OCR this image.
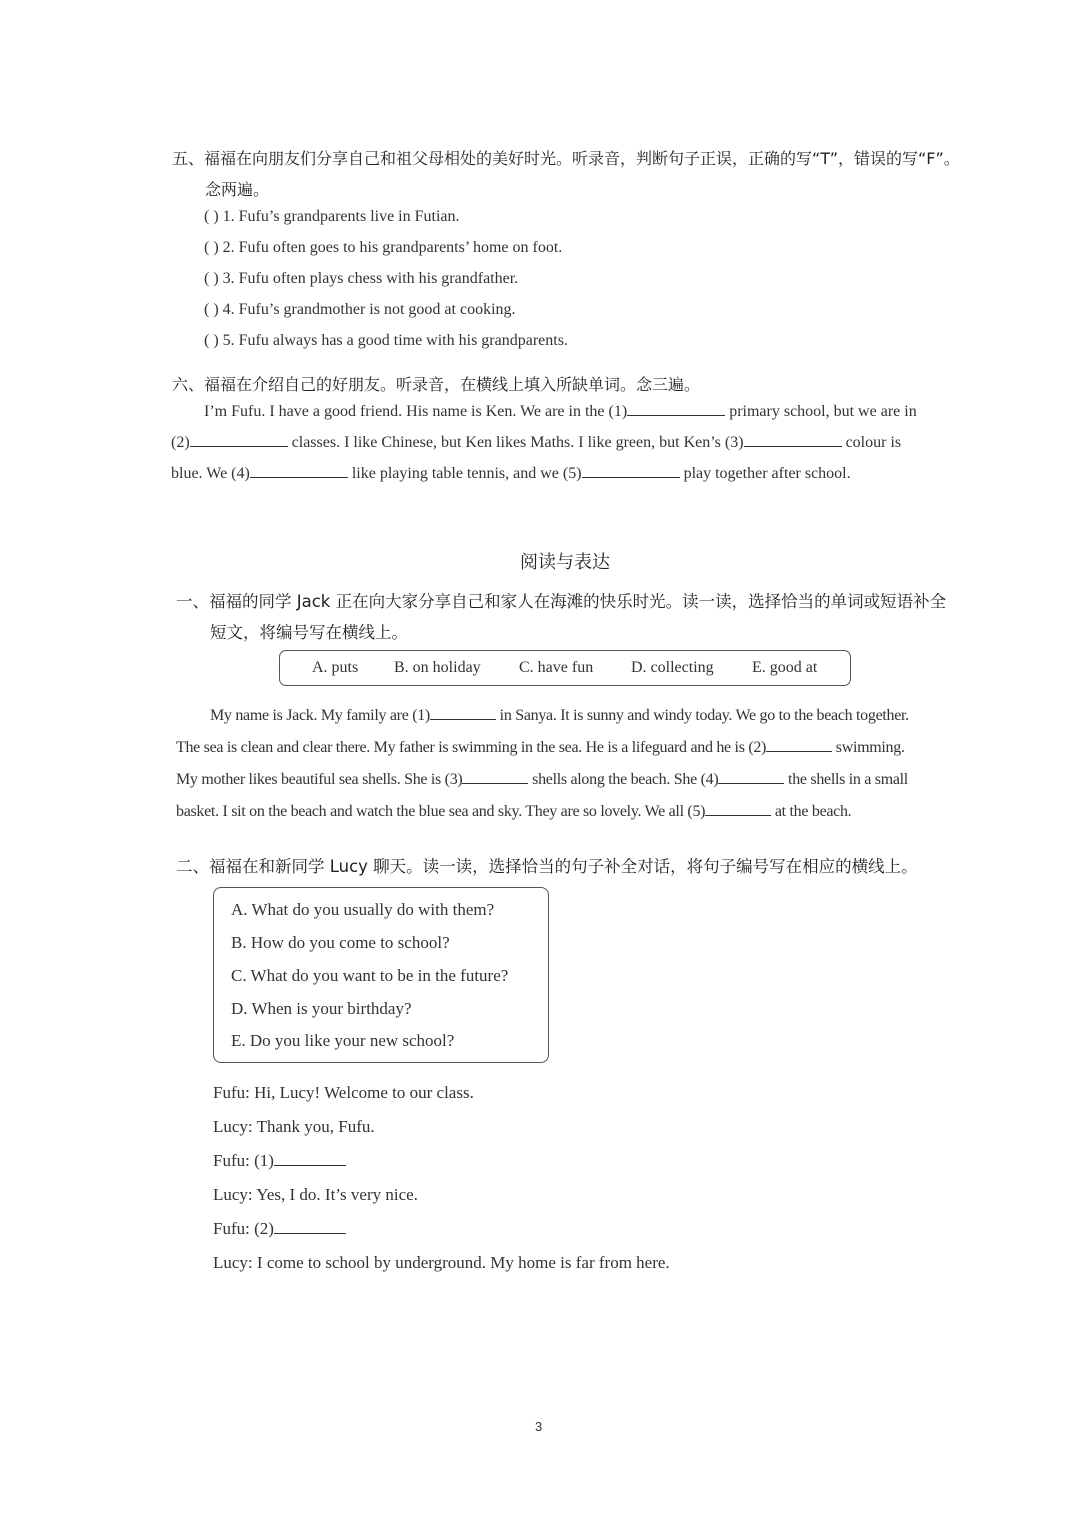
五、福福在向朋友们分享自己和祖父母相处的美好时光。听录音，判断句子正误，正确的写“T”，错误的写“F”。
念两遍。
( ) 1. Fufu’s grandparents live in Futian.
( ) 2. Fufu often goes to his grandparents’ home on foot.
( ) 3. Fufu often plays chess with his grandfather.
( ) 4. Fufu’s grandmother is not good at cooking.
( ) 5. Fufu always has a good time with his grandparents.
六、福福在介绍自己的好朋友。听录音，在横线上填入所缺单词。念三遍。
I’m Fufu. I have a good friend. His name is Ken. We are in the (1)	primary school, but we are in
(2)	classes. I like Chinese, but Ken likes Maths. I like green, but Ken’s (3)	colour is
blue. We (4)	like playing table tennis, and we (5)	play together after school.
阅读与表达
一、福福的同学 Jack 正在向大家分享自己和家人在海滩的快乐时光。读一读，选择恰当的单词或短语补全
短文，将编号写在横线上。
A. puts B. on holiday C. have fun D. collecting E. good at
My name is Jack. My family are (1)	in Sanya. It is sunny and windy today. We go to the beach together.
The sea is clean and clear there. My father is swimming in the sea. He is a lifeguard and he is (2)	swimming.
My mother likes beautiful sea shells. She is (3)	shells along the beach. She (4)	the shells in a small
basket. I sit on the beach and watch the blue sea and sky. They are so lovely. We all (5)	at the beach.
二、福福在和新同学 Lucy 聊天。读一读，选择恰当的句子补全对话，将句子编号写在相应的横线上。
A. What do you usually do with them?
B. How do you come to school?
C. What do you want to be in the future?
D. When is your birthday?
E. Do you like your new school?
Fufu: Hi, Lucy! Welcome to our class.
Lucy: Thank you, Fufu.
Fufu: (1)
Lucy: Yes, I do. It’s very nice.
Fufu: (2)
Lucy: I come to school by underground. My home is far from here.
3
